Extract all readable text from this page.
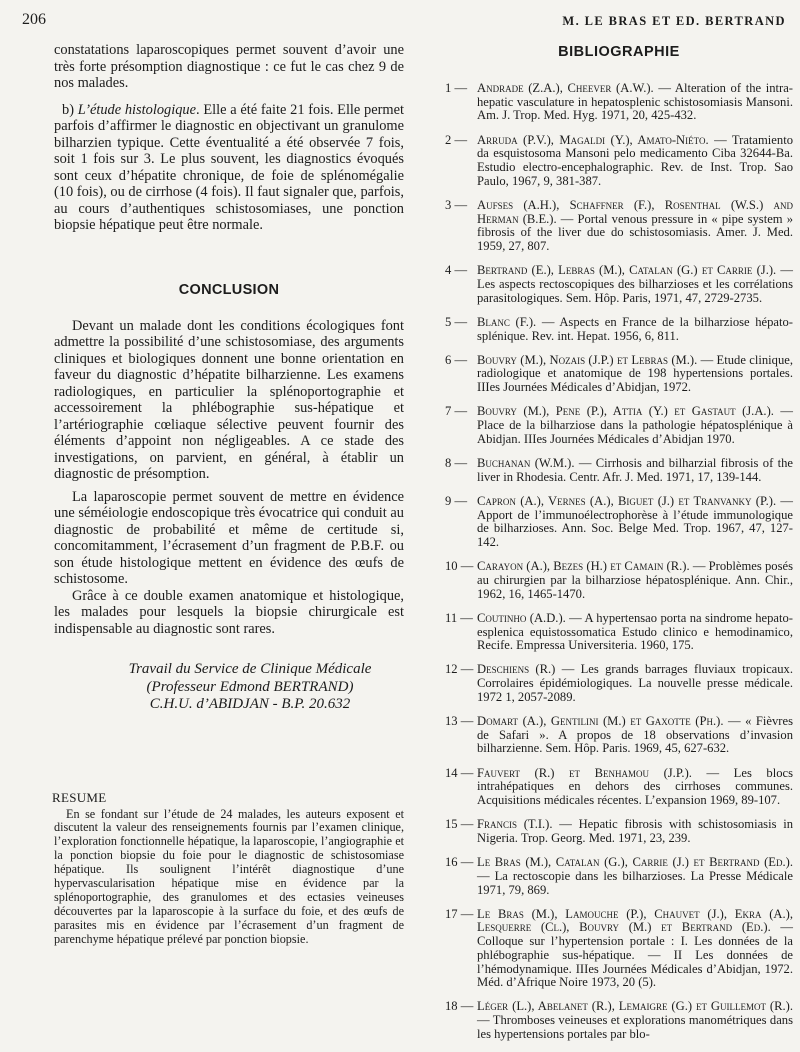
206	M. LE BRAS ET ED. BERTRAND

constatations laparoscopiques permet souvent d’avoir une très forte présomption diagnostique : ce fut le cas chez 9 de nos malades.

b) L’étude histologique. Elle a été faite 21 fois. Elle permet parfois d’affirmer le diagnostic en objectivant un granulome bilharzien typique. Cette éventualité a été observée 7 fois, soit 1 fois sur 3. Le plus souvent, les diagnostics évoqués sont ceux d’hépatite chronique, de foie de splénomégalie (10 fois), ou de cirrhose (4 fois). Il faut signaler que, parfois, au cours d’authentiques schistosomiases, une ponction biopsie hépatique peut être normale.

CONCLUSION

Devant un malade dont les conditions écologiques font admettre la possibilité d’une schistosomiase, des arguments cliniques et biologiques donnent une bonne orientation en faveur du diagnostic d’hépatite bilharzienne. Les examens radiologiques, en particulier la splénoportographie et accessoirement la phlébographie sus-hépatique et l’artériographie cœliaque sélective peuvent fournir des éléments d’appoint non négligeables. A ce stade des investigations, on parvient, en général, à établir un diagnostic de présomption.

La laparoscopie permet souvent de mettre en évidence une séméiologie endoscopique très évocatrice qui conduit au diagnostic de probabilité et même de certitude si, concomitamment, l’écrasement d’un fragment de P.B.F. ou son étude histologique mettent en évidence des œufs de schistosome.

Grâce à ce double examen anatomique et histologique, les malades pour lesquels la biopsie chirurgicale est indispensable au diagnostic sont rares.

Travail du Service de Clinique Médicale
(Professeur Edmond BERTRAND)
C.H.U. d’ABIDJAN - B.P. 20.632
RESUME

En se fondant sur l’étude de 24 malades, les auteurs exposent et discutent la valeur des renseignements fournis par l’examen clinique, l’exploration fonctionnelle hépatique, la laparoscopie, l’angiographie et la ponction biopsie du foie pour le diagnostic de schistosomiase hépatique. Ils soulignent l’intérêt diagnostique d’une hypervascularisation hépatique mise en évidence par la splénoportographie, des granulomes et des ectasies veineuses découvertes par la laparoscopie à la surface du foie, et des œufs de parasites mis en évidence par l’écrasement d’un fragment de parenchyme hépatique prélevé par ponction biopsie.

BIBLIOGRAPHIE
1 — Andrade (Z.A.), Cheever (A.W.). — Alteration of the intra-hepatic vasculature in hepatosplenic schistosomiasis Mansoni. Am. J. Trop. Med. Hyg. 1971, 20, 425-432.
2 — Arruda (P.V.), Magaldi (Y.), Amato-Niéto. — Tratamiento da esquistosoma Mansoni pelo medicamento Ciba 32644-Ba. Estudio electro-encephalographic. Rev. de Inst. Trop. Sao Paulo, 1967, 9, 381-387.
3 — Aufses (A.H.), Schaffner (F.), Rosenthal (W.S.) and Herman (B.E.). — Portal venous pressure in « pipe system » fibrosis of the liver due do schistosomiasis. Amer. J. Med. 1959, 27, 807.
4 — Bertrand (E.), Lebras (M.), Catalan (G.) et Carrie (J.). — Les aspects rectoscopiques des bilharzioses et les corrélations parasitologiques. Sem. Hôp. Paris, 1971, 47, 2729-2735.
5 — Blanc (F.). — Aspects en France de la bilharziose hépato-splénique. Rev. int. Hepat. 1956, 6, 811.
6 — Bouvry (M.), Nozais (J.P.) et Lebras (M.). — Etude clinique, radiologique et anatomique de 198 hypertensions portales. IIIes Journées Médicales d’Abidjan, 1972.
7 — Bouvry (M.), Pene (P.), Attia (Y.) et Gastaut (J.A.). — Place de la bilharziose dans la pathologie hépatosplénique à Abidjan. IIIes Journées Médicales d’Abidjan 1970.
8 — Buchanan (W.M.). — Cirrhosis and bilharzial fibrosis of the liver in Rhodesia. Centr. Afr. J. Med. 1971, 17, 139-144.
9 — Capron (A.), Vernes (A.), Biguet (J.) et Tranvanky (P.). — Apport de l’immunoélectrophorèse à l’étude immunologique de bilharzioses. Ann. Soc. Belge Med. Trop. 1967, 47, 127-142.
10 — Carayon (A.), Bezes (H.) et Camain (R.). — Problèmes posés au chirurgien par la bilharziose hépatosplénique. Ann. Chir., 1962, 16, 1465-1470.
11 — Coutinho (A.D.). — A hypertensao porta na sindrome hepato-esplenica equistossomatica Estudo clinico e hemodinamico, Recife. Empressa Universiteria. 1960, 175.
12 — Deschiens (R.) — Les grands barrages fluviaux tropicaux. Corrolaires épidémiologiques. La nouvelle presse médicale. 1972 1, 2057-2089.
13 — Domart (A.), Gentilini (M.) et Gaxotte (Ph.). — « Fièvres de Safari ». A propos de 18 observations d’invasion bilharzienne. Sem. Hôp. Paris. 1969, 45, 627-632.
14 — Fauvert (R.) et Benhamou (J.P.). — Les blocs intrahépatiques en dehors des cirrhoses communes. Acquisitions médicales récentes. L’expansion 1969, 89-107.
15 — Francis (T.I.). — Hepatic fibrosis with schistosomiasis in Nigeria. Trop. Georg. Med. 1971, 23, 239.
16 — Le Bras (M.), Catalan (G.), Carrie (J.) et Bertrand (Ed.). — La rectoscopie dans les bilharzioses. La Presse Médicale 1971, 79, 869.
17 — Le Bras (M.), Lamouche (P.), Chauvet (J.), Ekra (A.), Lesquerre (Cl.), Bouvry (M.) et Bertrand (Ed.). — Colloque sur l’hypertension portale : I. Les données de la phlébographie sus-hépatique. — II Les données de l’hémodynamique. IIIes Journées Médicales d’Abidjan, 1972. Méd. d’Afrique Noire 1973, 20 (5).
18 — Léger (L.), Abelanet (R.), Lemaigre (G.) et Guillemot (R.). — Thromboses veineuses et explorations manométriques dans les hypertensions portales par blo-
